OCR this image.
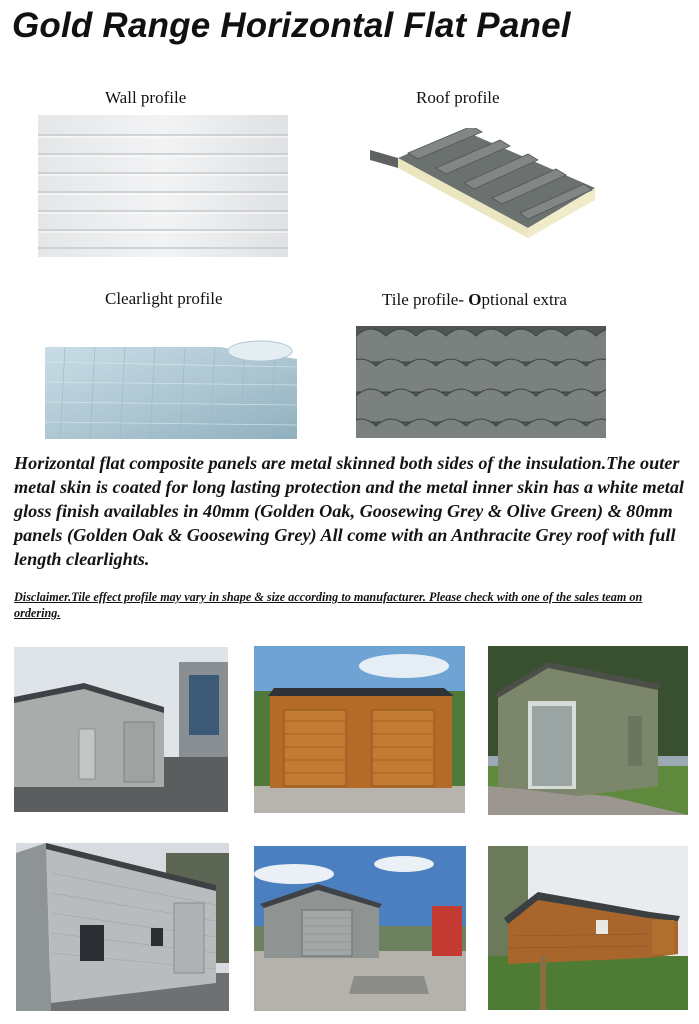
Gold Range Horizontal Flat Panel
Wall profile	Roof profile
Clearlight profile	Tile profile- Optional extra

Horizontal flat composite panels are metal skinned both sides of the insulation.The outer metal skin is coated for long lasting protection and the metal inner skin has a white metal gloss finish availables in 40mm (Golden Oak, Goosewing Grey & Olive Green) & 80mm panels (Golden Oak & Goosewing Grey) All come with an Anthracite Grey roof with full length clearlights.

Disclaimer.Tile effect profile may vary in shape & size according to manufacturer. Please check with one of the sales team on ordering.
